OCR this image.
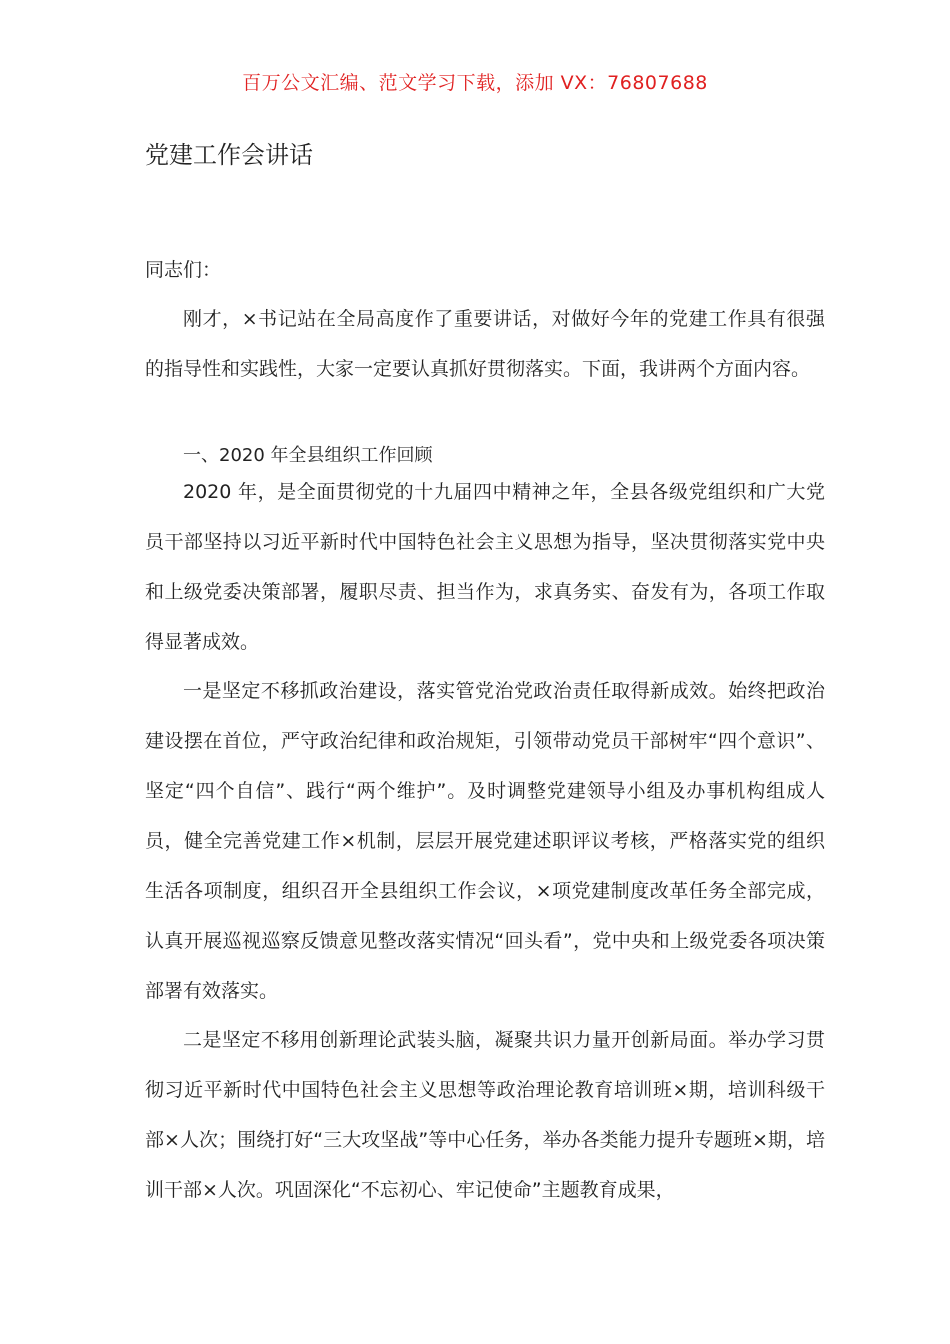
百万公文汇编、范文学习下载，添加 VX：76807688
党建工作会讲话
同志们：

刚才，×书记站在全局高度作了重要讲话，对做好今年的党建工作具有很强的指导性和实践性，大家一定要认真抓好贯彻落实。下面，我讲两个方面内容。

一、2020 年全县组织工作回顾

2020 年，是全面贯彻党的十九届四中精神之年，全县各级党组织和广大党员干部坚持以习近平新时代中国特色社会主义思想为指导，坚决贯彻落实党中央和上级党委决策部署，履职尽责、担当作为，求真务实、奋发有为，各项工作取得显著成效。

一是坚定不移抓政治建设，落实管党治党政治责任取得新成效。始终把政治建设摆在首位，严守政治纪律和政治规矩，引领带动党员干部树牢“四个意识”、坚定“四个自信”、践行“两个维护”。及时调整党建领导小组及办事机构组成人员，健全完善党建工作×机制，层层开展党建述职评议考核，严格落实党的组织生活各项制度，组织召开全县组织工作会议，×项党建制度改革任务全部完成，认真开展巡视巡察反馈意见整改落实情况“回头看”，党中央和上级党委各项决策部署有效落实。

二是坚定不移用创新理论武装头脑，凝聚共识力量开创新局面。举办学习贯彻习近平新时代中国特色社会主义思想等政治理论教育培训班×期，培训科级干部×人次；围绕打好“三大攻坚战”等中心任务，举办各类能力提升专题班×期，培训干部×人次。巩固深化“不忘初心、牢记使命”主题教育成果，
